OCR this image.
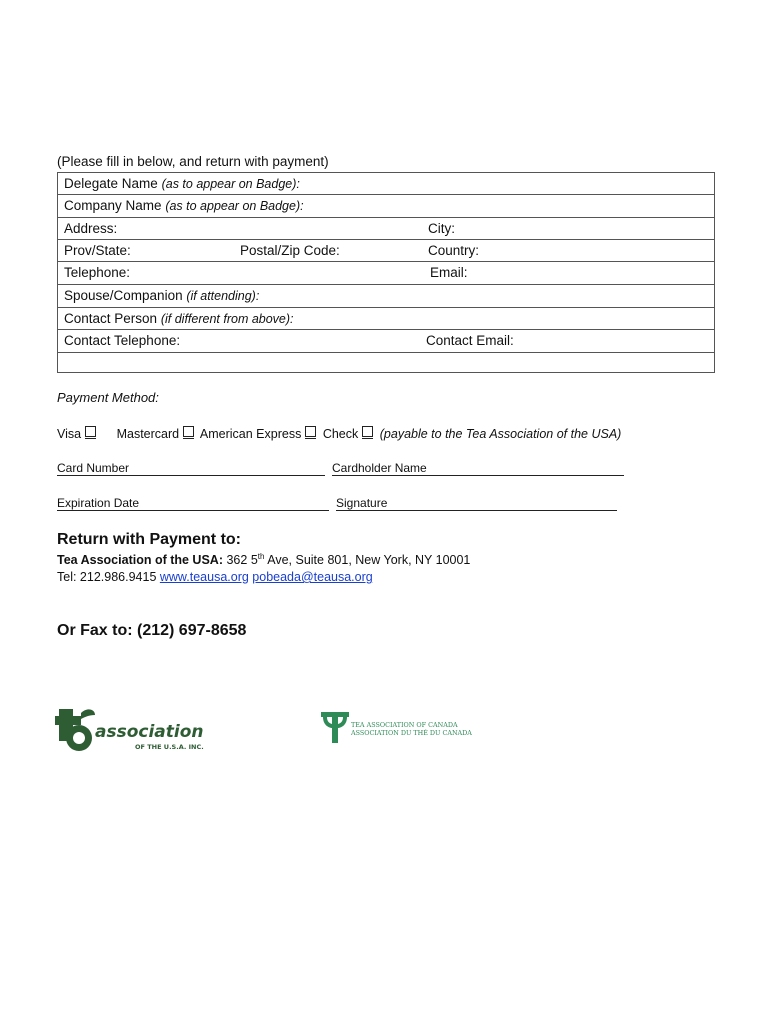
(Please fill in below, and return with payment)
Delegate Name (as to appear on Badge):
Company Name (as to appear on Badge):
Address:	City:
Prov/State:	Postal/Zip Code:	Country:
Telephone:	Email:
Spouse/Companion (if attending):
Contact Person (if different from above):
Contact Telephone:	Contact Email:
Payment Method:
Visa	Mastercard American Express Check (payable to the Tea Association of the USA)
Card Number	Cardholder Name
Expiration Date	Signature
Return with Payment to:
Tea Association of the USA: 362 5th Ave, Suite 801, New York, NY 10001
Tel: 212.986.9415 www.teausa.org pobeada@teausa.org
Or Fax to: (212) 697-8658
association
OF THE U.S.A. INC.
TEA ASSOCIATION OF CANADA
ASSOCIATION DU THÉ DU CANADA
